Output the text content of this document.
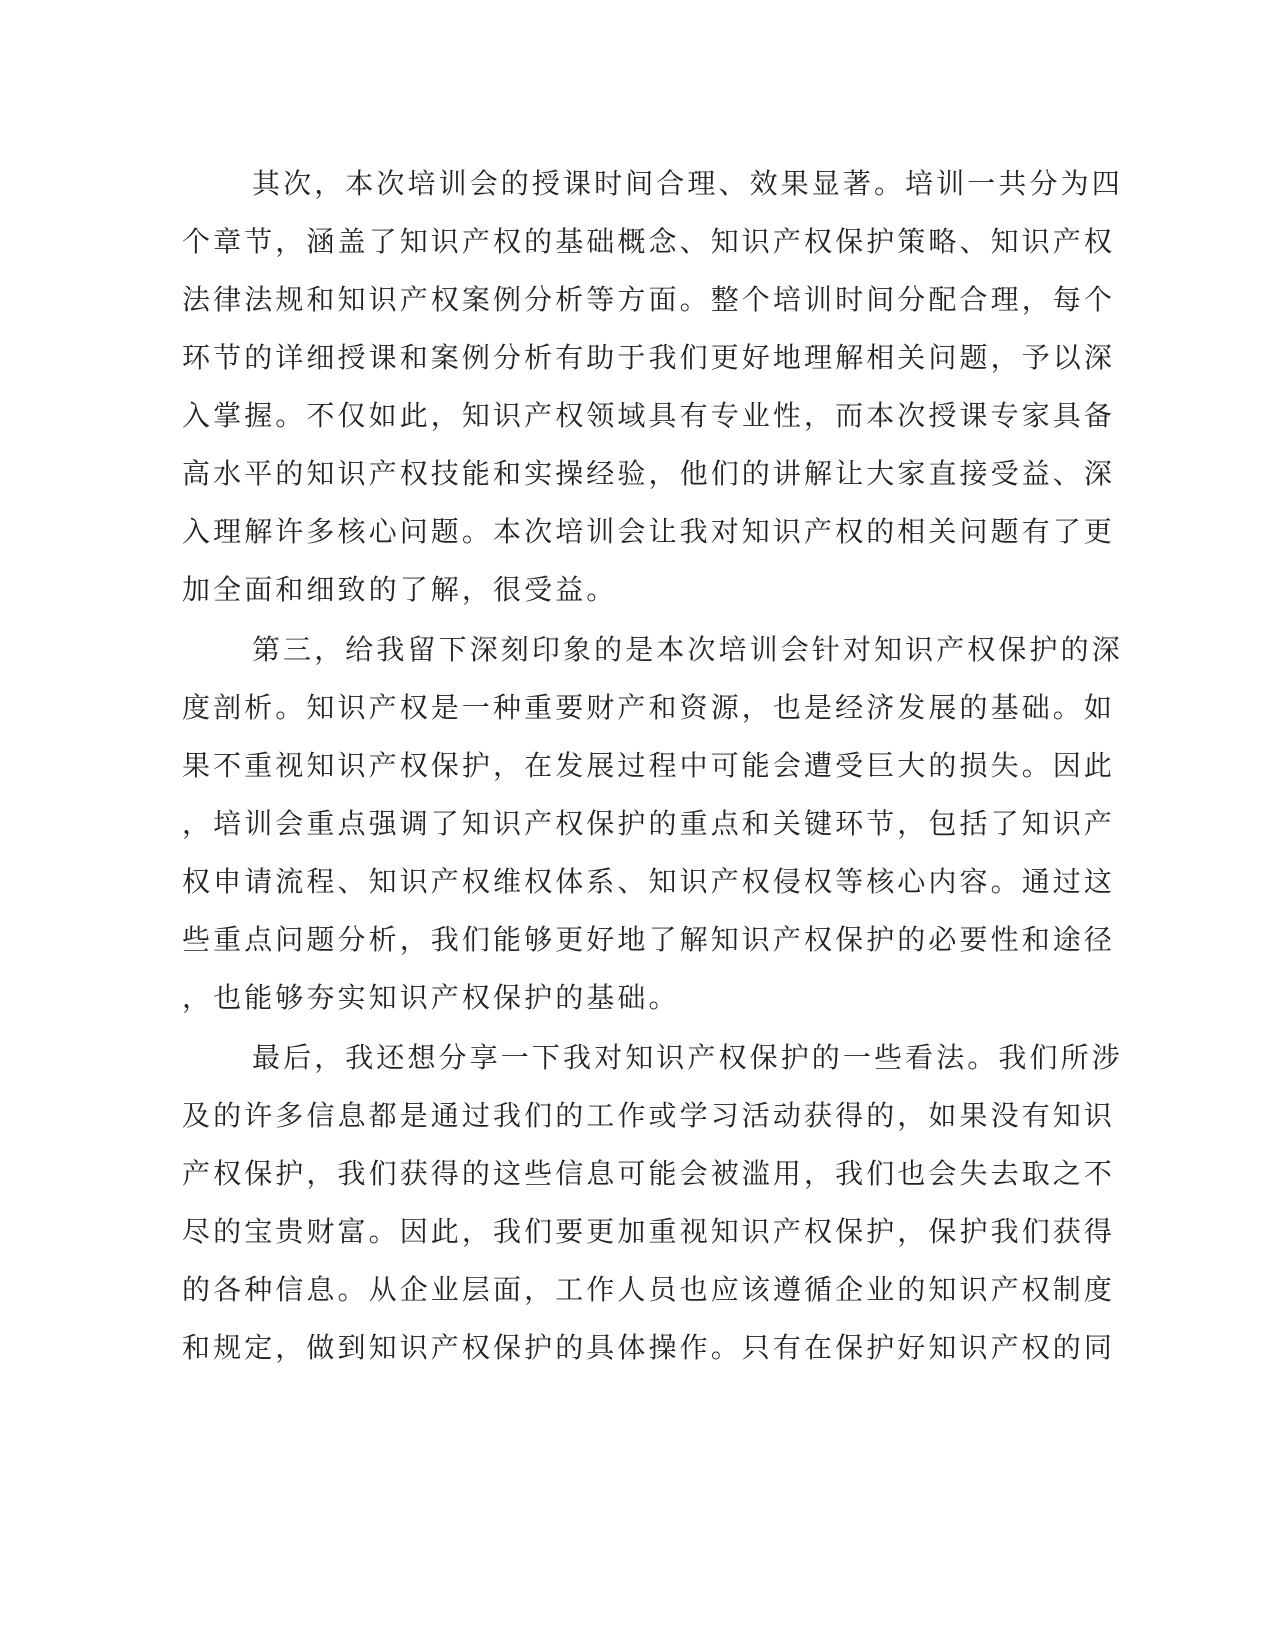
其次，本次培训会的授课时间合理、效果显著。培训一共分为四
个章节，涵盖了知识产权的基础概念、知识产权保护策略、知识产权
法律法规和知识产权案例分析等方面。整个培训时间分配合理，每个
环节的详细授课和案例分析有助于我们更好地理解相关问题，予以深
入掌握。不仅如此，知识产权领域具有专业性，而本次授课专家具备
高水平的知识产权技能和实操经验，他们的讲解让大家直接受益、深
入理解许多核心问题。本次培训会让我对知识产权的相关问题有了更
加全面和细致的了解，很受益。
第三，给我留下深刻印象的是本次培训会针对知识产权保护的深
度剖析。知识产权是一种重要财产和资源，也是经济发展的基础。如
果不重视知识产权保护，在发展过程中可能会遭受巨大的损失。因此
，培训会重点强调了知识产权保护的重点和关键环节，包括了知识产
权申请流程、知识产权维权体系、知识产权侵权等核心内容。通过这
些重点问题分析，我们能够更好地了解知识产权保护的必要性和途径
，也能够夯实知识产权保护的基础。
最后，我还想分享一下我对知识产权保护的一些看法。我们所涉
及的许多信息都是通过我们的工作或学习活动获得的，如果没有知识
产权保护，我们获得的这些信息可能会被滥用，我们也会失去取之不
尽的宝贵财富。因此，我们要更加重视知识产权保护，保护我们获得
的各种信息。从企业层面，工作人员也应该遵循企业的知识产权制度
和规定，做到知识产权保护的具体操作。只有在保护好知识产权的同
